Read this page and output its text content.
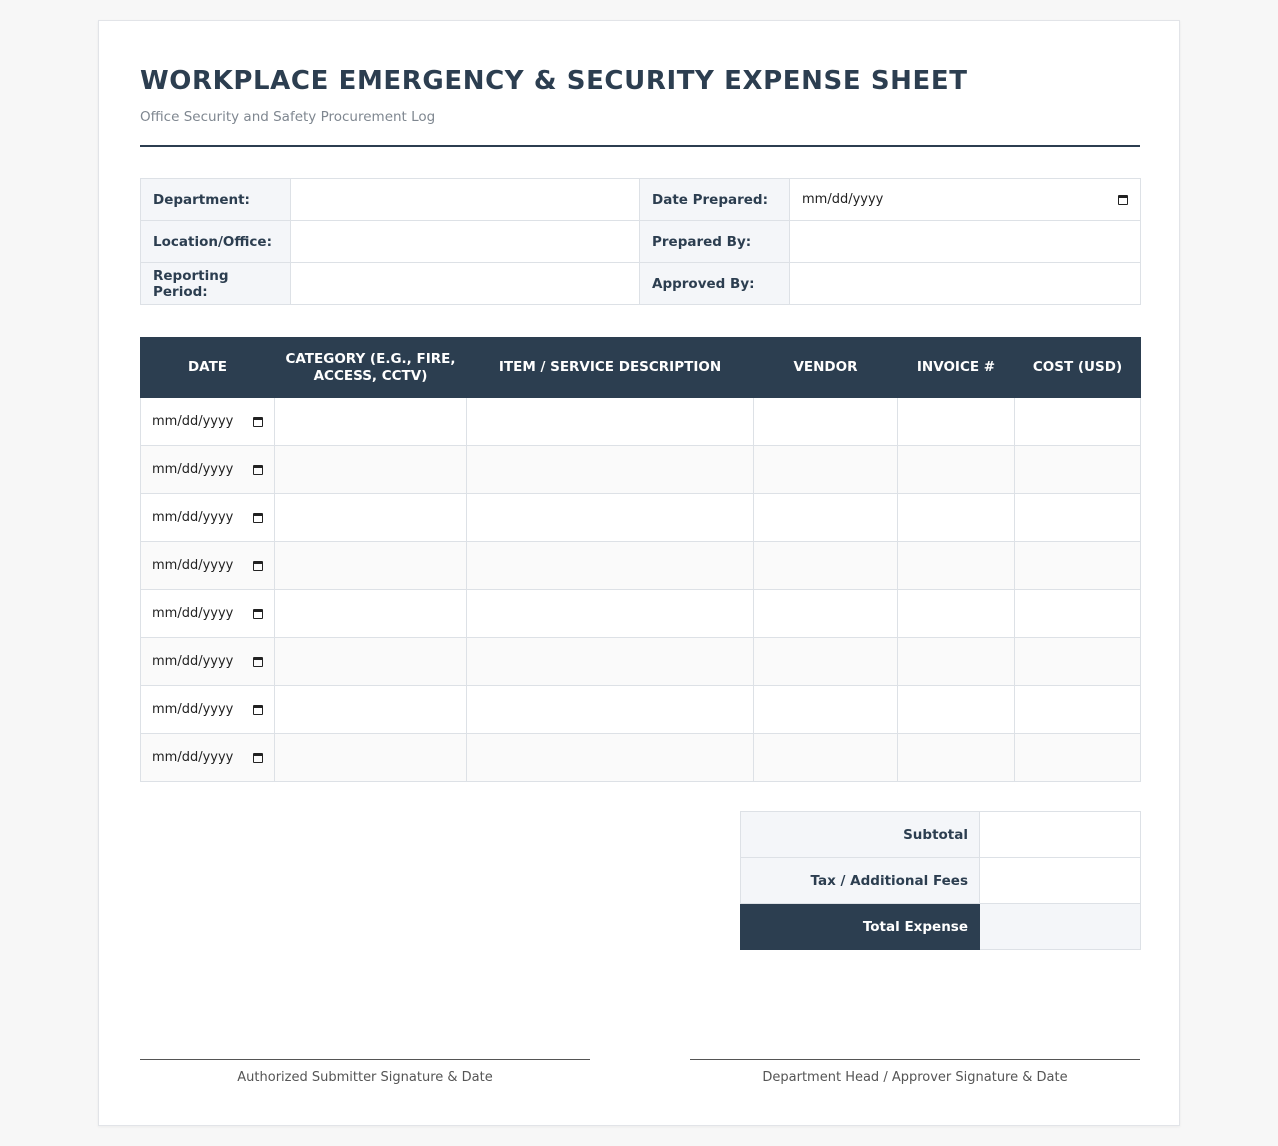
WORKPLACE EMERGENCY & SECURITY EXPENSE SHEET
Office Security and Safety Procurement Log
Department:		Date Prepared:	mm/dd/yyyy

Location/Office:		Prepared By:	
Reporting Period:		Approved By:	
DATE	CATEGORY (E.G., FIRE, ACCESS, CCTV)	ITEM / SERVICE DESCRIPTION	VENDOR	INVOICE #	COST (USD)

mm/dd/yyyy					

mm/dd/yyyy					

mm/dd/yyyy					

mm/dd/yyyy					

mm/dd/yyyy					

mm/dd/yyyy					

mm/dd/yyyy					

mm/dd/yyyy					

Subtotal	
Tax / Additional Fees	
Total Expense	
Authorized Submitter Signature & Date	Department Head / Approver Signature & Date
